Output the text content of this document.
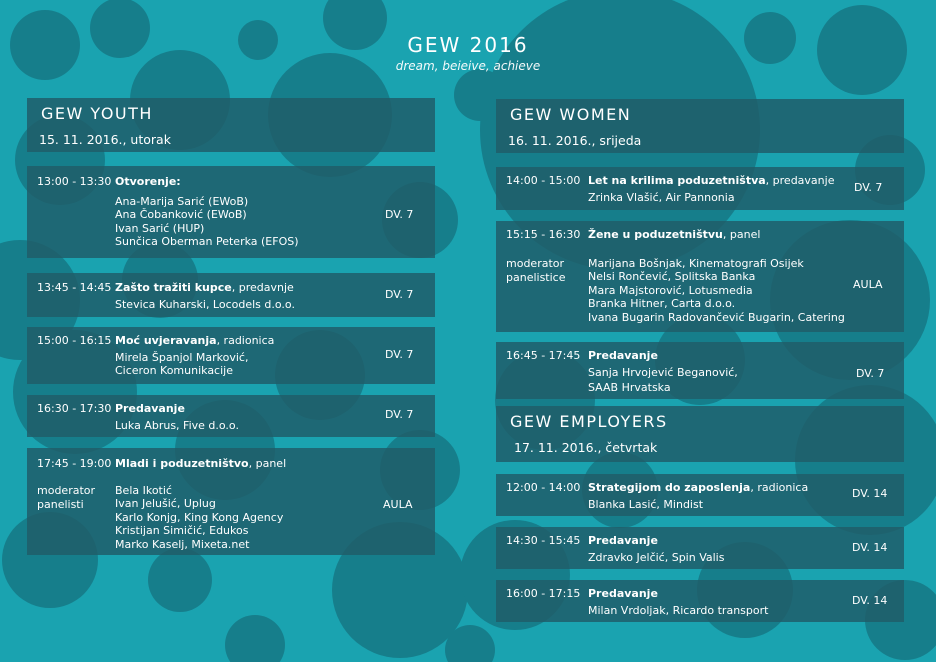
GEW 2016
dream, beieive, achieve
GEW YOUTH
15. 11. 2016., utorak
13:00 - 13:30 Otvorenje:
Ana-Marija Sarić (EWoB)
Ana Čobanković (EWoB)
Ivan Sarić (HUP)
Sunčica Oberman Peterka (EFOS)
DV. 7
13:45 - 14:45 Zašto tražiti kupce, predavnje
Stevica Kuharski, Locodels d.o.o.
DV. 7
15:00 - 16:15 Moć uvjeravanja, radionica
Mirela Španjol Marković,
Ciceron Komunikacije
DV. 7
16:30 - 17:30 Predavanje
Luka Abrus, Five d.o.o.
DV. 7
17:45 - 19:00
moderator
panelisti
Mladi i poduzetništvo, panel
Bela Ikotić
Ivan Jelušić, Uplug
Karlo Konjg, King Kong Agency
Kristijan Simičić, Edukos
Marko Kaselj, Mixeta.net
AULA
GEW WOMEN
16. 11. 2016., srijeda
14:00 - 15:00 Let na krilima poduzetništva, predavanje
Zrinka Vlašić, Air Pannonia
DV. 7
15:15 - 16:30
moderator
panelistice
Žene u poduzetništvu, panel
Marijana Bošnjak, Kinematografi Osijek
Nelsi Rončević, Splitska Banka
Mara Majstorović, Lotusmedia
Branka Hitner, Carta d.o.o.
Ivana Bugarin Radovančević Bugarin, Catering
AULA
16:45 - 17:45 Predavanje
Sanja Hrvojević Beganović,
SAAB Hrvatska
DV. 7
GEW EMPLOYERS
17. 11. 2016., četvrtak
12:00 - 14:00 Strategijom do zaposlenja, radionica
Blanka Lasić, Mindist
DV. 14
14:30 - 15:45 Predavanje
Zdravko Jelčić, Spin Valis
DV. 14
16:00 - 17:15 Predavanje
Milan Vrdoljak, Ricardo transport
DV. 14
